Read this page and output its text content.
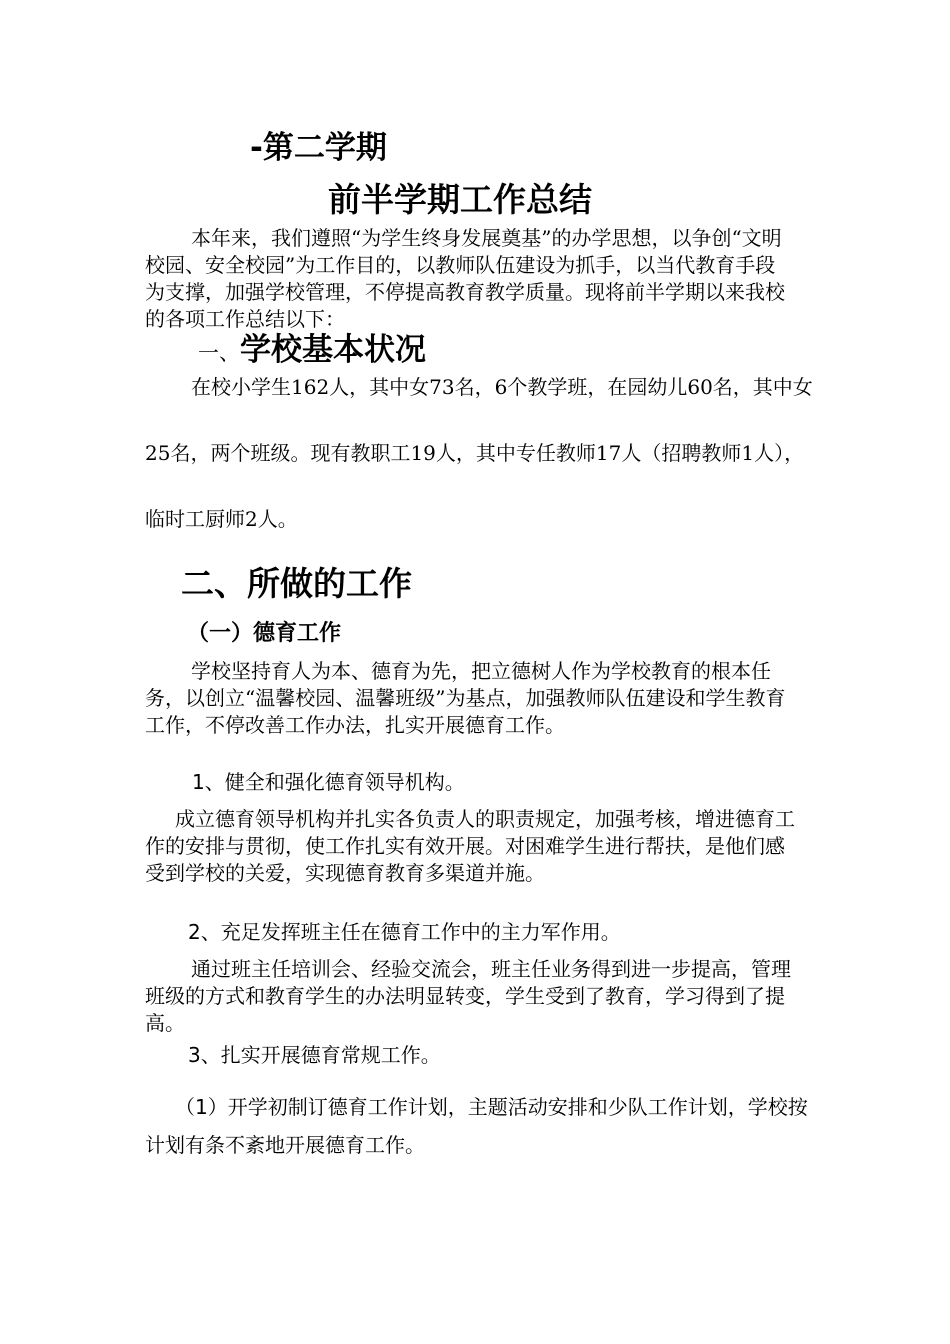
-第二学期
前半学期工作总结

本年来，我们遵照“为学生终身发展奠基”的办学思想，以争创“文明校园、安全校园”为工作目的，以教师队伍建设为抓手，以当代教育手段为支撑，加强学校管理，不停提高教育教学质量。现将前半学期以来我校的各项工作总结以下：

一、学校基本状况

在校小学生162人，其中女73名，6个教学班，在园幼儿60名，其中女25名，两个班级。现有教职工19人，其中专任教师17人（招聘教师1人），临时工厨师2人。

二、所做的工作
（一）德育工作

学校坚持育人为本、德育为先，把立德树人作为学校教育的根本任务，以创立“温馨校园、温馨班级”为基点，加强教师队伍建设和学生教育工作，不停改善工作办法，扎实开展德育工作。

1、健全和强化德育领导机构。

成立德育领导机构并扎实各负责人的职责规定，加强考核，增进德育工作的安排与贯彻，使工作扎实有效开展。对困难学生进行帮扶，是他们感受到学校的关爱，实现德育教育多渠道并施。

2、充足发挥班主任在德育工作中的主力军作用。

通过班主任培训会、经验交流会，班主任业务得到进一步提高，管理班级的方式和教育学生的办法明显转变，学生受到了教育，学习得到了提高。

3、扎实开展德育常规工作。

（1）开学初制订德育工作计划，主题活动安排和少队工作计划，学校按计划有条不紊地开展德育工作。
